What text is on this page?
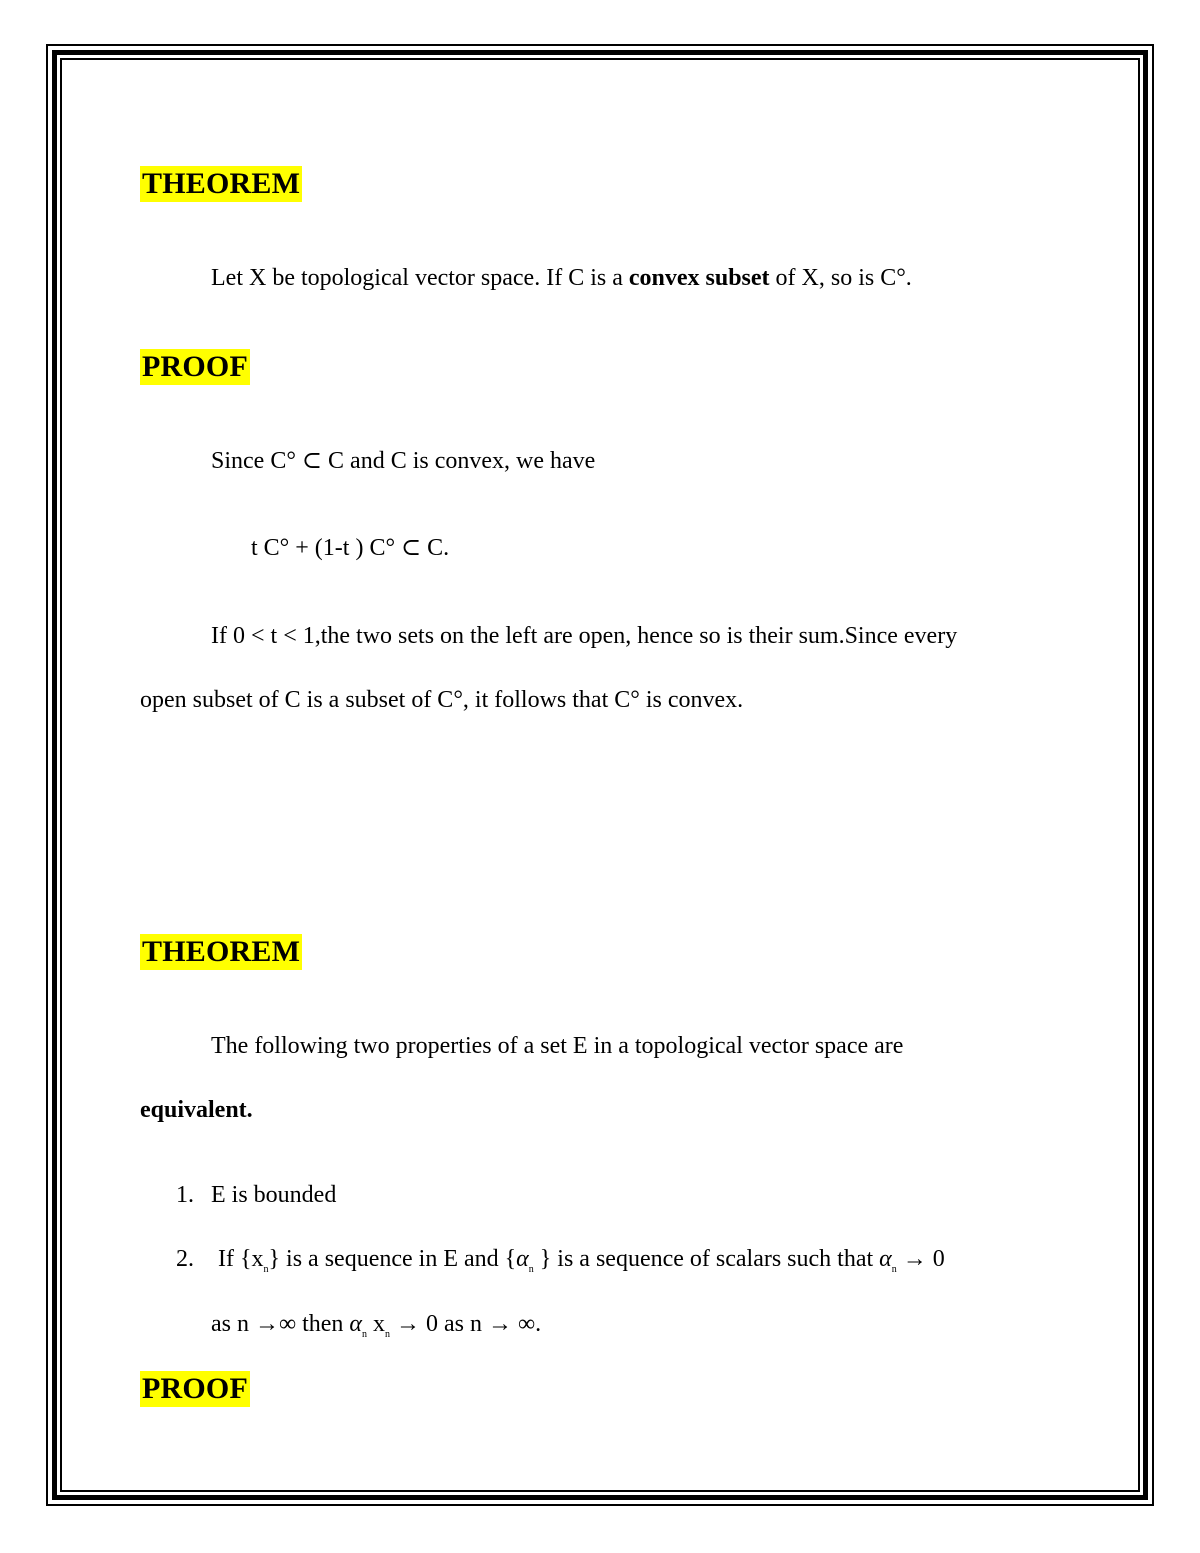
THEOREM
Let X be topological vector space. If C is a convex subset of X, so is C°.
PROOF
Since C° ⊂ C and C is convex, we have
t C° + (1-t ) C° ⊂ C.
If 0 < t < 1,the two sets on the left are open, hence so is their sum.Since every
open subset of C is a subset of C°, it follows that C° is convex.
THEOREM
The following two properties of a set E in a topological vector space are
equivalent.
1. E is bounded
2. If $\{x_n\}$ is a sequence in E and {$\alpha_n$ } is a sequence of scalars such that $\alpha_n \to 0$
as n →∞ then $\alpha_n$ $x_n \to 0$ as n → ∞.
PROOF
